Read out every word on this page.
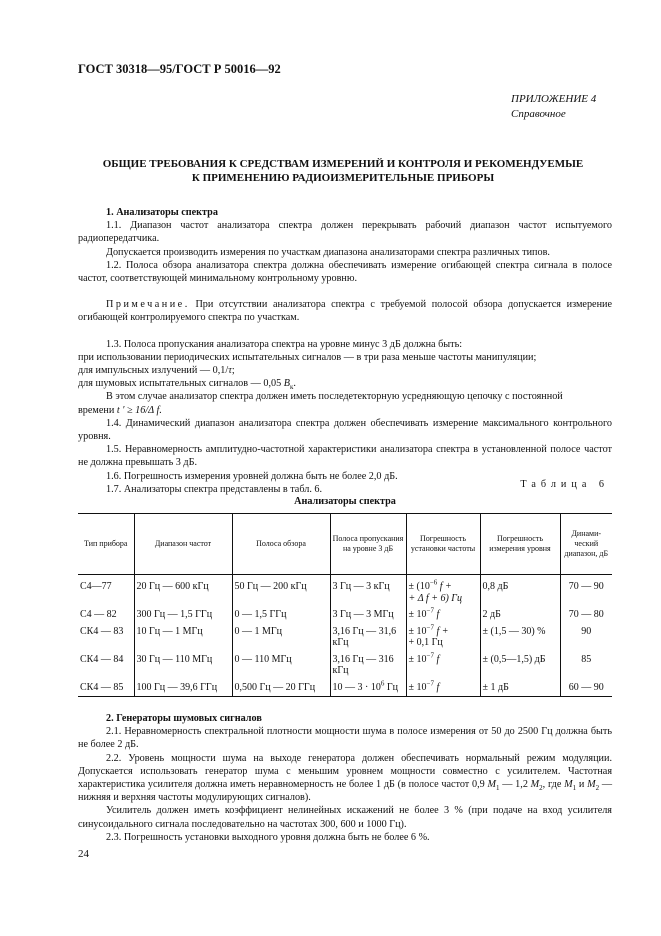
ГОСТ 30318—95/ГОСТ Р 50016—92
ПРИЛОЖЕНИЕ 4
Справочное
ОБЩИЕ ТРЕБОВАНИЯ К СРЕДСТВАМ ИЗМЕРЕНИЙ И КОНТРОЛЯ И РЕКОМЕНДУЕМЫЕ
К ПРИМЕНЕНИЮ РАДИОИЗМЕРИТЕЛЬНЫЕ ПРИБОРЫ

1. Анализаторы спектра

1.1. Диапазон частот анализатора спектра должен перекрывать рабочий диапазон частот испытуемого радиопередатчика.

Допускается производить измерения по участкам диапазона анализаторами спектра различных типов.

1.2. Полоса обзора анализатора спектра должна обеспечивать измерение огибающей спектра сигнала в полосе частот, соответствующей минимальному контрольному уровню.

Примечание. При отсутствии анализатора спектра с требуемой полосой обзора допускается измерение огибающей контролируемого спектра по участкам.

1.3. Полоса пропускания анализатора спектра на уровне минус 3 дБ должна быть:

при использовании периодических испытательных сигналов — в три раза меньше частоты манипуляции;

для импульсных излучений — 0,1/τ;

для шумовых испытательных сигналов — 0,05 $B_к$.

В этом случае анализатор спектра должен иметь последетекторную усредняющую цепочку с постоянной

времени t ′ ≥ 16/Δ f.

1.4. Динамический диапазон анализатора спектра должен обеспечивать измерение максимального контрольного уровня.

1.5. Неравномерность амплитудно-частотной характеристики анализатора спектра в установленной полосе частот не должна превышать 3 дБ.

1.6. Погрешность измерения уровней должна быть не более 2,0 дБ.

1.7. Анализаторы спектра представлены в табл. 6.	Таблица 6
Анализаторы спектра
Тип прибора	Диапазон частот	Полоса обзора	Полоса пропускания на уровне 3 дБ	Погрешность установки частоты	Погрешность измерения уровня	Динами-ческий диапазон, дБ
С4—77	20 Гц — 600 кГц	50 Гц — 200 кГц	3 Гц — 3 кГц	± ($10^{-6}$ f +
+ Δ f + 6) Гц	0,8 дБ	70 — 90
С4 — 82	300 Гц — 1,5 ГГц	0 — 1,5 ГГц	3 Гц — 3 МГц	± $10^{-7}$ f	2 дБ	70 — 80
СК4 — 83	10 Гц — 1 МГц	0 — 1 МГц	3,16 Гц — 31,6 кГц	± $10^{-7}$ f +
+ 0,1 Гц	± (1,5 — 30) %	90
СК4 — 84	30 Гц — 110 МГц	0 — 110 МГц	3,16 Гц — 316 кГц	± $10^{-7}$ f	± (0,5—1,5) дБ	85
СК4 — 85	100 Гц — 39,6 ГГц	0,500 Гц — 20 ГГц	10 — $3 \cdot 10^6$ Гц	± $10^{-7}$ f	± 1 дБ	60 — 90

2. Генераторы шумовых сигналов

2.1. Неравномерность спектральной плотности мощности шума в полосе измерения от 50 до 2500 Гц должна быть не более 2 дБ.

2.2. Уровень мощности шума на выходе генератора должен обеспечивать нормальный режим модуляции. Допускается использовать генератор шума с меньшим уровнем мощности совместно с усилителем. Частотная характеристика усилителя должна иметь неравномерность не более 1 дБ (в полосе частот 0,9 $M_1$ — 1,2 $M_2$, где $M_1$ и $M_2$ — нижняя и верхняя частоты модулирующих сигналов).

Усилитель должен иметь коэффициент нелинейных искажений не более 3 % (при подаче на вход усилителя синусоидального сигнала последовательно на частотах 300, 600 и 1000 Гц).

2.3. Погрешность установки выходного уровня должна быть не более 6 %.

24
